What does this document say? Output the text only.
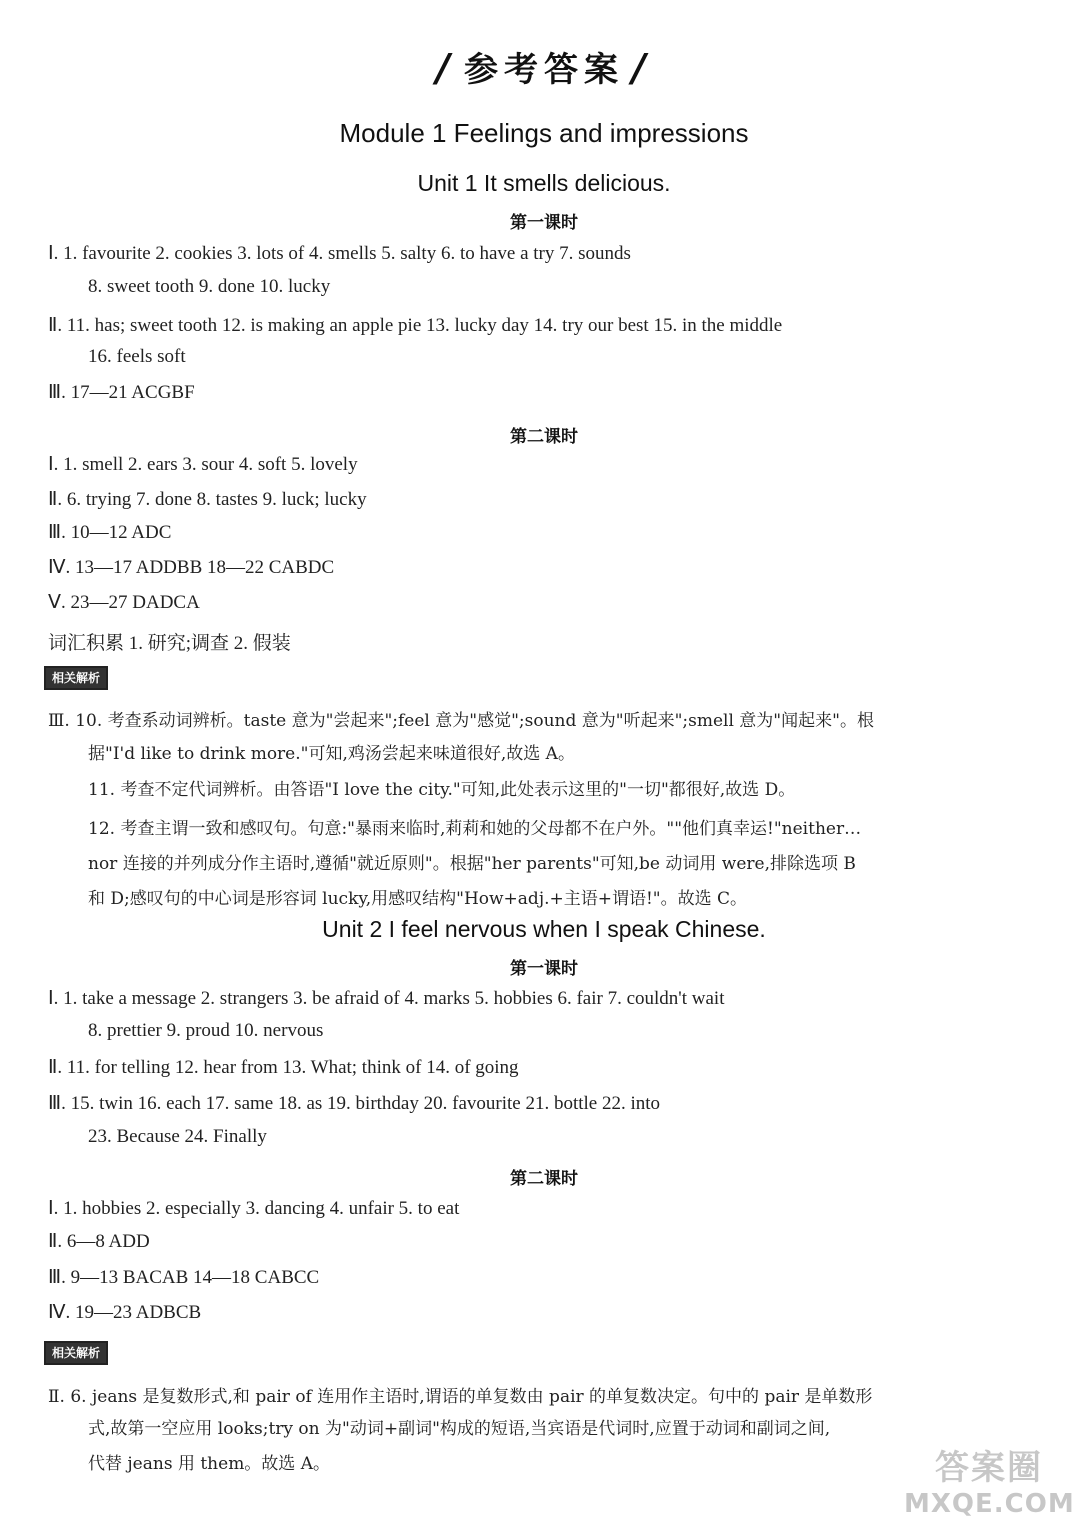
/ 参考答案 /
Module 1 Feelings and impressions
Unit 1 It smells delicious.
第一课时
Ⅰ. 1. favourite 2. cookies 3. lots of 4. smells 5. salty 6. to have a try 7. sounds
8. sweet tooth 9. done 10. lucky
Ⅱ. 11. has; sweet tooth 12. is making an apple pie 13. lucky day 14. try our best 15. in the middle
16. feels soft
Ⅲ. 17—21 ACGBF
第二课时
Ⅰ. 1. smell 2. ears 3. sour 4. soft 5. lovely
Ⅱ. 6. trying 7. done 8. tastes 9. luck; lucky
Ⅲ. 10—12 ADC
Ⅳ. 13—17 ADDBB 18—22 CABDC
Ⅴ. 23—27 DADCA
词汇积累 1. 研究;调查 2. 假装
相关解析
Ⅲ. 10. 考查系动词辨析。taste 意为"尝起来";feel 意为"感觉";sound 意为"听起来";smell 意为"闻起来"。根
据"I'd like to drink more."可知,鸡汤尝起来味道很好,故选 A。
11. 考查不定代词辨析。由答语"I love the city."可知,此处表示这里的"一切"都很好,故选 D。
12. 考查主谓一致和感叹句。句意:"暴雨来临时,莉莉和她的父母都不在户外。""他们真幸运!"neither…
nor 连接的并列成分作主语时,遵循"就近原则"。根据"her parents"可知,be 动词用 were,排除选项 B
和 D;感叹句的中心词是形容词 lucky,用感叹结构"How+adj.+主语+谓语!"。故选 C。
Unit 2 I feel nervous when I speak Chinese.
第一课时
Ⅰ. 1. take a message 2. strangers 3. be afraid of 4. marks 5. hobbies 6. fair 7. couldn't wait
8. prettier 9. proud 10. nervous
Ⅱ. 11. for telling 12. hear from 13. What; think of 14. of going
Ⅲ. 15. twin 16. each 17. same 18. as 19. birthday 20. favourite 21. bottle 22. into
23. Because 24. Finally
第二课时
Ⅰ. 1. hobbies 2. especially 3. dancing 4. unfair 5. to eat
Ⅱ. 6—8 ADD
Ⅲ. 9—13 BACAB 14—18 CABCC
Ⅳ. 19—23 ADBCB
相关解析
Ⅱ. 6. jeans 是复数形式,和 pair of 连用作主语时,谓语的单复数由 pair 的单复数决定。句中的 pair 是单数形
式,故第一空应用 looks;try on 为"动词+副词"构成的短语,当宾语是代词时,应置于动词和副词之间,
代替 jeans 用 them。故选 A。	答案圈
MXQE.COM
